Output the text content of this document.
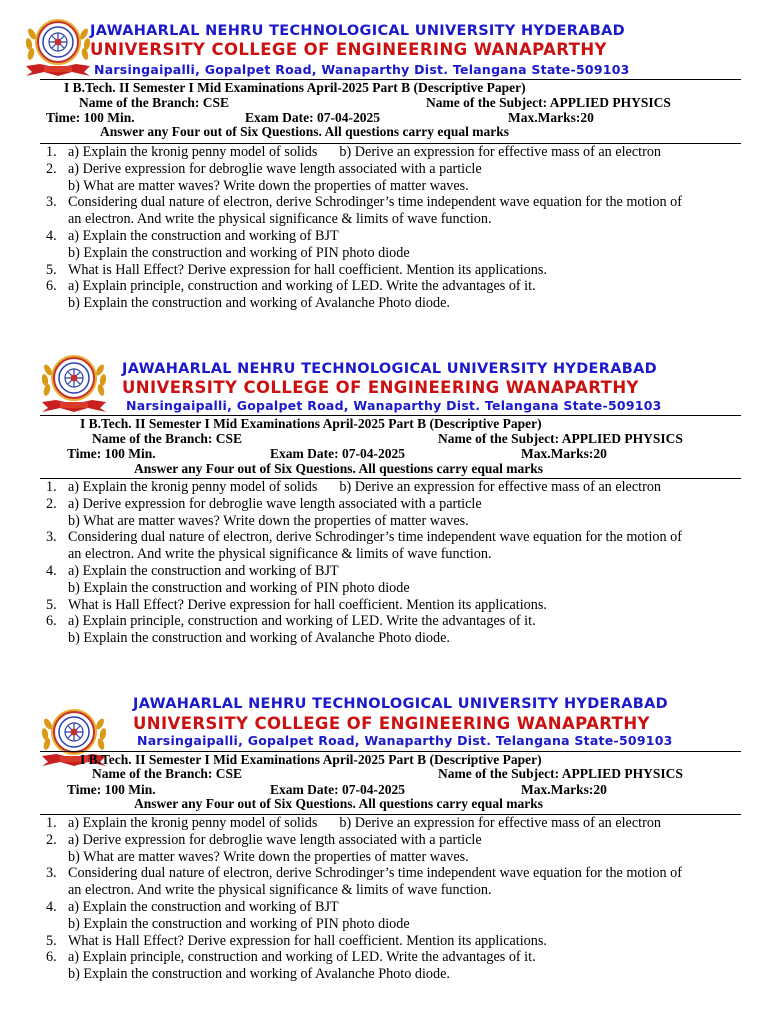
JAWAHARLAL NEHRU TECHNOLOGICAL UNIVERSITY HYDERABAD
UNIVERSITY COLLEGE OF ENGINEERING WANAPARTHY
Narsingaipalli, Gopalpet Road, Wanaparthy Dist. Telangana State-509103
I B.Tech. II Semester I Mid Examinations April-2025 Part B (Descriptive Paper)
Name of the Branch: CSE	Name of the Subject: APPLIED PHYSICS
Time: 100 Min.	Exam Date: 07-04-2025	Max.Marks:20
Answer any Four out of Six Questions. All questions carry equal marks
1. a) Explain the kronig penny model of solids b) Derive an expression for effective mass of an electron
2. a) Derive expression for debroglie wave length associated with a particle
b) What are matter waves? Write down the properties of matter waves.
3. Considering dual nature of electron, derive Schrodinger’s time independent wave equation for the motion of
an electron. And write the physical significance & limits of wave function.
4. a) Explain the construction and working of BJT
b) Explain the construction and working of PIN photo diode
5. What is Hall Effect? Derive expression for hall coefficient. Mention its applications.
6. a) Explain principle, construction and working of LED. Write the advantages of it.
b) Explain the construction and working of Avalanche Photo diode.
JAWAHARLAL NEHRU TECHNOLOGICAL UNIVERSITY HYDERABAD
UNIVERSITY COLLEGE OF ENGINEERING WANAPARTHY
Narsingaipalli, Gopalpet Road, Wanaparthy Dist. Telangana State-509103
I B.Tech. II Semester I Mid Examinations April-2025 Part B (Descriptive Paper)
Name of the Branch: CSE	Name of the Subject: APPLIED PHYSICS
Time: 100 Min.	Exam Date: 07-04-2025	Max.Marks:20
Answer any Four out of Six Questions. All questions carry equal marks
1. a) Explain the kronig penny model of solids b) Derive an expression for effective mass of an electron
2. a) Derive expression for debroglie wave length associated with a particle
b) What are matter waves? Write down the properties of matter waves.
3. Considering dual nature of electron, derive Schrodinger’s time independent wave equation for the motion of
an electron. And write the physical significance & limits of wave function.
4. a) Explain the construction and working of BJT
b) Explain the construction and working of PIN photo diode
5. What is Hall Effect? Derive expression for hall coefficient. Mention its applications.
6. a) Explain principle, construction and working of LED. Write the advantages of it.
b) Explain the construction and working of Avalanche Photo diode.
JAWAHARLAL NEHRU TECHNOLOGICAL UNIVERSITY HYDERABAD
UNIVERSITY COLLEGE OF ENGINEERING WANAPARTHY
Narsingaipalli, Gopalpet Road, Wanaparthy Dist. Telangana State-509103
I B.Tech. II Semester I Mid Examinations April-2025 Part B (Descriptive Paper)
Name of the Branch: CSE	Name of the Subject: APPLIED PHYSICS
Time: 100 Min.	Exam Date: 07-04-2025	Max.Marks:20
Answer any Four out of Six Questions. All questions carry equal marks
1. a) Explain the kronig penny model of solids b) Derive an expression for effective mass of an electron
2. a) Derive expression for debroglie wave length associated with a particle
b) What are matter waves? Write down the properties of matter waves.
3. Considering dual nature of electron, derive Schrodinger’s time independent wave equation for the motion of
an electron. And write the physical significance & limits of wave function.
4. a) Explain the construction and working of BJT
b) Explain the construction and working of PIN photo diode
5. What is Hall Effect? Derive expression for hall coefficient. Mention its applications.
6. a) Explain principle, construction and working of LED. Write the advantages of it.
b) Explain the construction and working of Avalanche Photo diode.
